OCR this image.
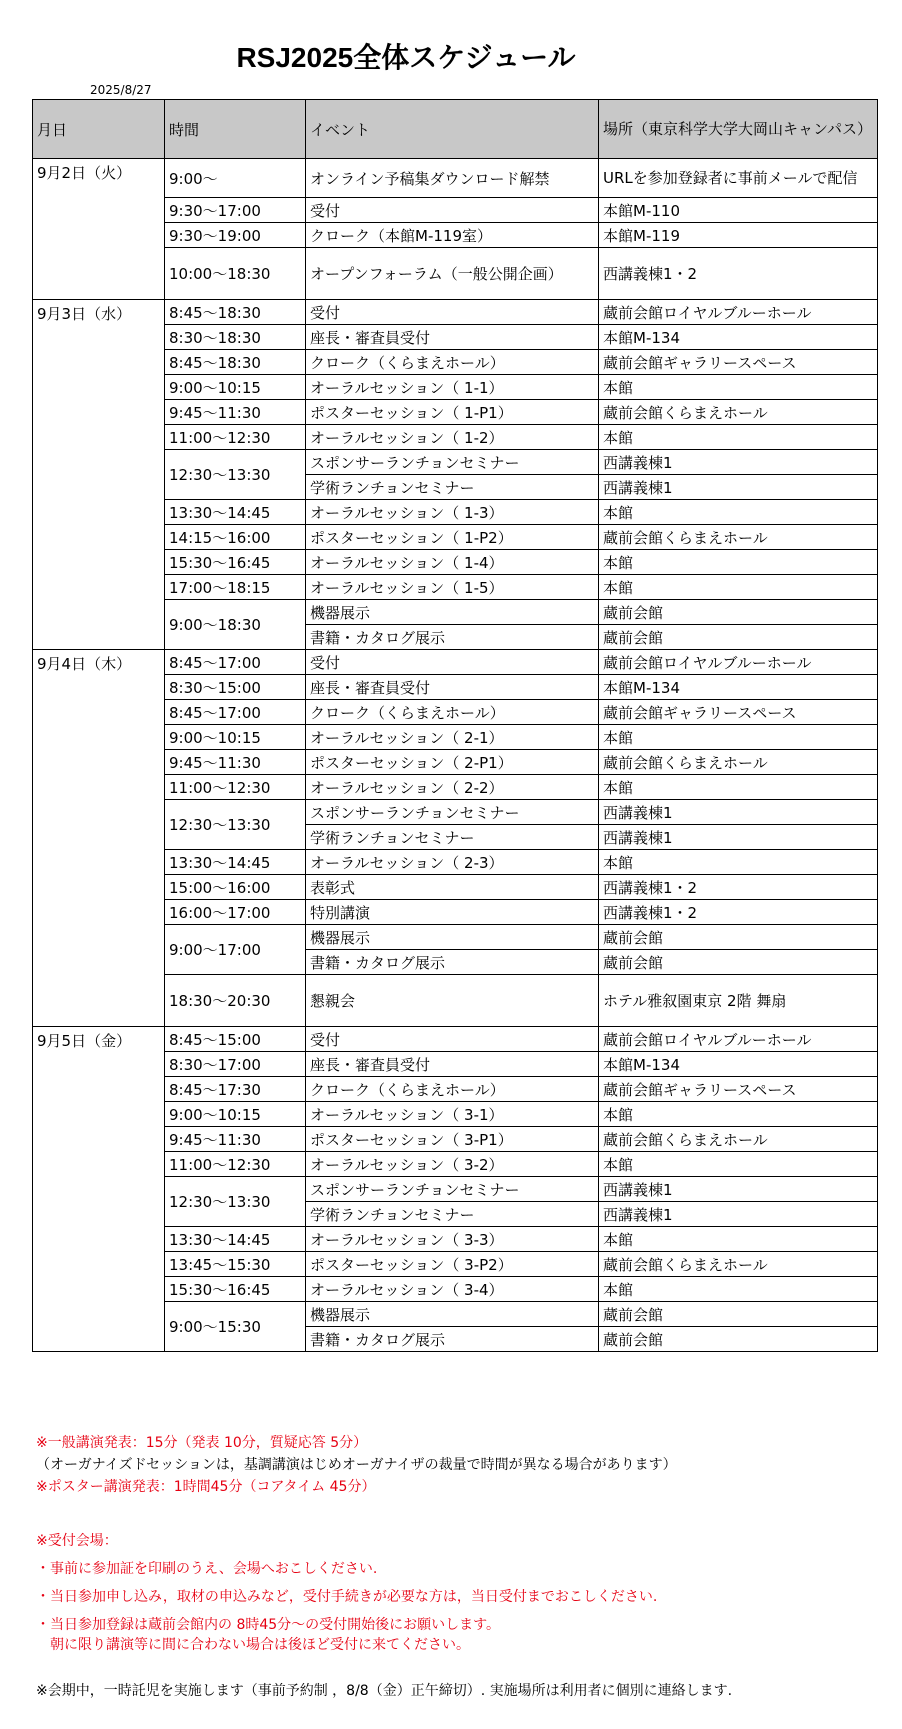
RSJ2025全体スケジュール
2025/8/27
月日	時間	イベント	場所（東京科学大学大岡山キャンパス）
9月2日（火）	9:00～	オンライン予稿集ダウンロード解禁	URLを参加登録者に事前メールで配信
	9:30～17:00	受付	本館M-110
	9:30～19:00	クローク（本館M-119室）	本館M-119
	10:00～18:30	オープンフォーラム（一般公開企画）	西講義棟1・2
9月3日（水）	8:45～18:30	受付	蔵前会館ロイヤルブルーホール
	8:30～18:30	座長・審査員受付	本館M-134
	8:45～18:30	クローク（くらまえホール）	蔵前会館ギャラリースペース
	9:00～10:15	オーラルセッション（ 1-1）	本館
	9:45～11:30	ポスターセッション（ 1-P1）	蔵前会館くらまえホール
	11:00～12:30	オーラルセッション（ 1-2）	本館
	12:30～13:30	スポンサーランチョンセミナー	西講義棟1
		学術ランチョンセミナー	西講義棟1
	13:30～14:45	オーラルセッション（ 1-3）	本館
	14:15～16:00	ポスターセッション（ 1-P2）	蔵前会館くらまえホール
	15:30～16:45	オーラルセッション（ 1-4）	本館
	17:00～18:15	オーラルセッション（ 1-5）	本館
	9:00～18:30	機器展示	蔵前会館
		書籍・カタログ展示	蔵前会館
9月4日（木）	8:45～17:00	受付	蔵前会館ロイヤルブルーホール
	8:30～15:00	座長・審査員受付	本館M-134
	8:45～17:00	クローク（くらまえホール）	蔵前会館ギャラリースペース
	9:00～10:15	オーラルセッション（ 2-1）	本館
	9:45～11:30	ポスターセッション（ 2-P1）	蔵前会館くらまえホール
	11:00～12:30	オーラルセッション（ 2-2）	本館
	12:30～13:30	スポンサーランチョンセミナー	西講義棟1
		学術ランチョンセミナー	西講義棟1
	13:30～14:45	オーラルセッション（ 2-3）	本館
	15:00～16:00	表彰式	西講義棟1・2
	16:00～17:00	特別講演	西講義棟1・2
	9:00～17:00	機器展示	蔵前会館
		書籍・カタログ展示	蔵前会館
	18:30～20:30	懇親会	ホテル雅叙園東京 2階 舞扇
9月5日（金）	8:45～15:00	受付	蔵前会館ロイヤルブルーホール
	8:30～17:00	座長・審査員受付	本館M-134
	8:45～17:30	クローク（くらまえホール）	蔵前会館ギャラリースペース
	9:00～10:15	オーラルセッション（ 3-1）	本館
	9:45～11:30	ポスターセッション（ 3-P1）	蔵前会館くらまえホール
	11:00～12:30	オーラルセッション（ 3-2）	本館
	12:30～13:30	スポンサーランチョンセミナー	西講義棟1
		学術ランチョンセミナー	西講義棟1
	13:30～14:45	オーラルセッション（ 3-3）	本館
	13:45～15:30	ポスターセッション（ 3-P2）	蔵前会館くらまえホール
	15:30～16:45	オーラルセッション（ 3-4）	本館
	9:00～15:30	機器展示	蔵前会館
		書籍・カタログ展示	蔵前会館
※一般講演発表：15分（発表 10分，質疑応答 5分）
（オーガナイズドセッションは，基調講演はじめオーガナイザの裁量で時間が異なる場合があります）
※ポスター講演発表：1時間45分（コアタイム 45分）
※受付会場：
・事前に参加証を印刷のうえ、会場へおこしください.
・当日参加申し込み，取材の申込みなど，受付手続きが必要な方は，当日受付までおこしください.
・当日参加登録は蔵前会館内の 8時45分～の受付開始後にお願いします。
　朝に限り講演等に間に合わない場合は後ほど受付に来てください。
※会期中，一時託児を実施します（事前予約制 ，8/8（金）正午締切）. 実施場所は利用者に個別に連絡します.
